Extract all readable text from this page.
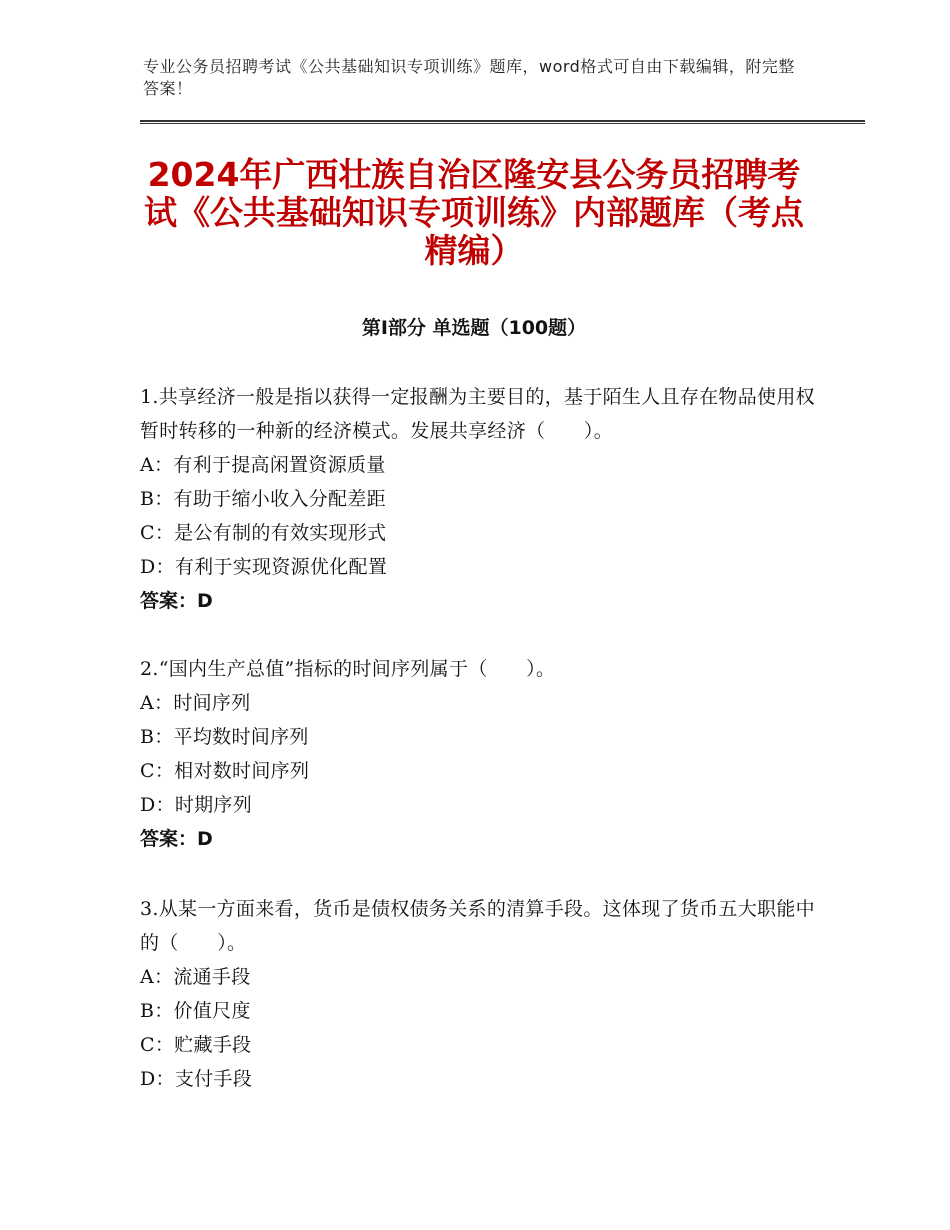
专业公务员招聘考试《公共基础知识专项训练》题库，word格式可自由下载编辑，附完整答案！
2024年广西壮族自治区隆安县公务员招聘考试《公共基础知识专项训练》内部题库（考点精编）
第Ⅰ部分 单选题（100题）

1.共享经济一般是指以获得一定报酬为主要目的，基于陌生人且存在物品使用权暂时转移的一种新的经济模式。发展共享经济（　　）。

A：有利于提高闲置资源质量

B：有助于缩小收入分配差距

C：是公有制的有效实现形式

D：有利于实现资源优化配置

答案：D

2.“国内生产总值”指标的时间序列属于（　　）。

A：时间序列

B：平均数时间序列

C：相对数时间序列

D：时期序列

答案：D

3.从某一方面来看，货币是债权债务关系的清算手段。这体现了货币五大职能中的（　　）。

A：流通手段

B：价值尺度

C：贮藏手段

D：支付手段
